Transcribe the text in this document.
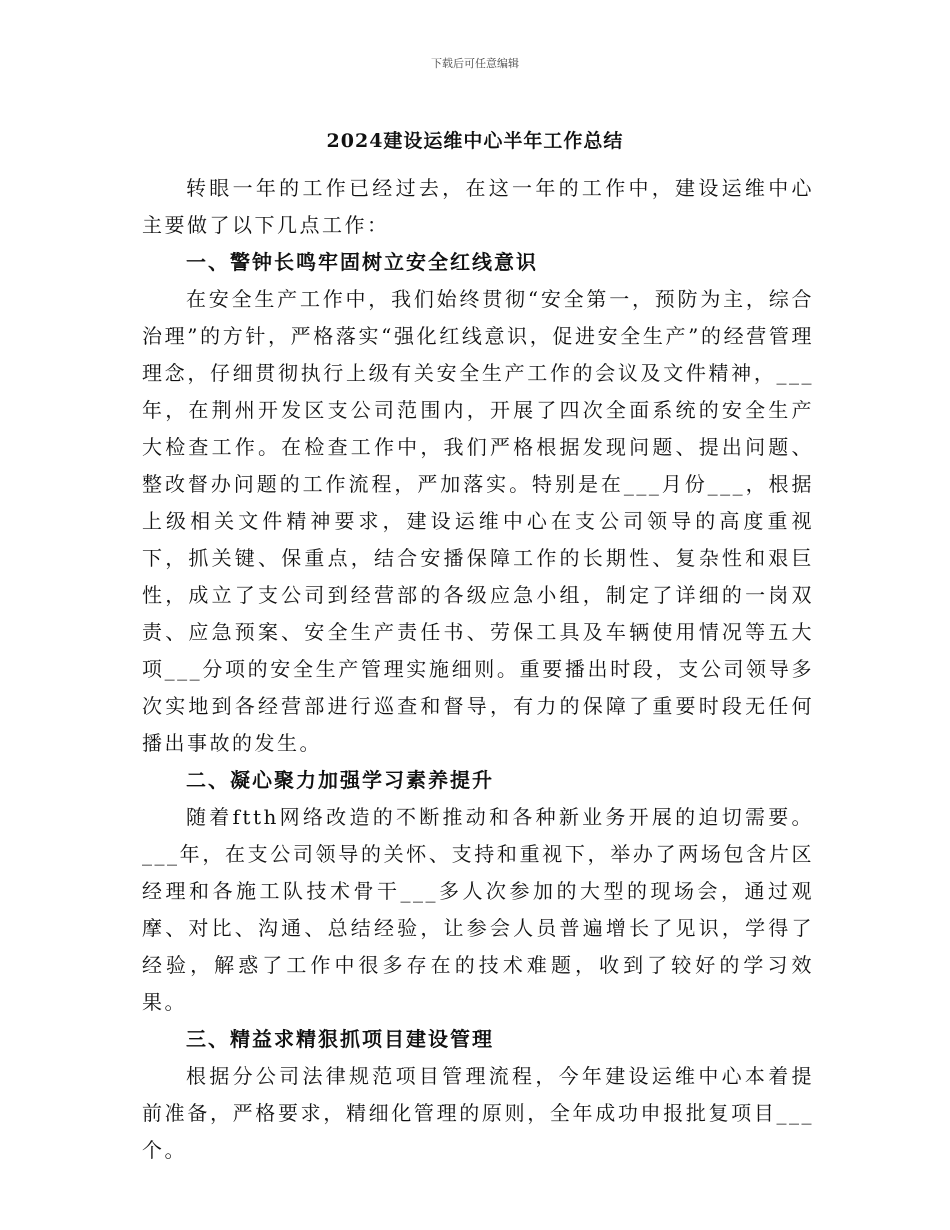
下载后可任意编辑
2024建设运维中心半年工作总结

转眼一年的工作已经过去，在这一年的工作中，建设运维中心主要做了以下几点工作：

一、警钟长鸣牢固树立安全红线意识

在安全生产工作中，我们始终贯彻“安全第一，预防为主，综合治理”的方针，严格落实“强化红线意识，促进安全生产”的经营管理理念，仔细贯彻执行上级有关安全生产工作的会议及文件精神，___年，在荆州开发区支公司范围内，开展了四次全面系统的安全生产大检查工作。在检查工作中，我们严格根据发现问题、提出问题、整改督办问题的工作流程，严加落实。特别是在___月份___，根据上级相关文件精神要求，建设运维中心在支公司领导的高度重视下，抓关键、保重点，结合安播保障工作的长期性、复杂性和艰巨性，成立了支公司到经营部的各级应急小组，制定了详细的一岗双责、应急预案、安全生产责任书、劳保工具及车辆使用情况等五大项___分项的安全生产管理实施细则。重要播出时段，支公司领导多次实地到各经营部进行巡查和督导，有力的保障了重要时段无任何播出事故的发生。

二、凝心聚力加强学习素养提升

随着ftth网络改造的不断推动和各种新业务开展的迫切需要。___年，在支公司领导的关怀、支持和重视下，举办了两场包含片区经理和各施工队技术骨干___多人次参加的大型的现场会，通过观摩、对比、沟通、总结经验，让参会人员普遍增长了见识，学得了经验，解惑了工作中很多存在的技术难题，收到了较好的学习效果。

三、精益求精狠抓项目建设管理

根据分公司法律规范项目管理流程，今年建设运维中心本着提前准备，严格要求，精细化管理的原则，全年成功申报批复项目___个。
